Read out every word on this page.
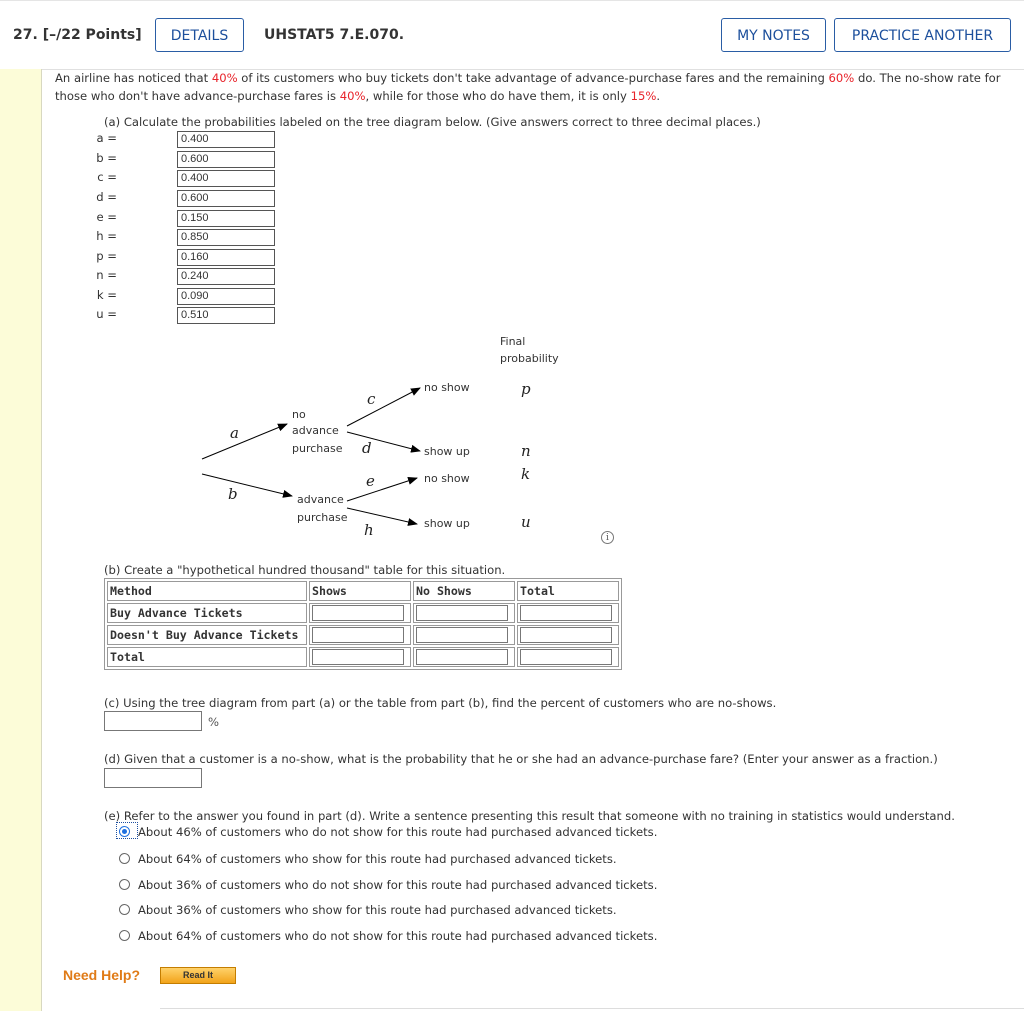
27. [–/22 Points]	DETAILS	UHSTAT5 7.E.070.	MY NOTES	PRACTICE ANOTHER
An airline has noticed that 40% of its customers who buy tickets don't take advantage of advance-purchase fares and the remaining 60% do. The no-show rate for those who don't have advance-purchase fares is 40%, while for those who do have them, it is only 15%.
(a) Calculate the probabilities labeled on the tree diagram below. (Give answers correct to three decimal places.)
a =	0.400
b =	0.600
c =	0.400
d =	0.600
e =	0.150
h =	0.850
p =	0.160
n =	0.240
k =	0.090
u =	0.510
Final
probability
no
advance
purchase
advance
purchase
no show
show up
no show
show up
a
b
c
d
e
h
p
n
k
u
i
(b) Create a "hypothetical hundred thousand" table for this situation.
Method	Shows	No Shows	Total
Buy Advance Tickets	

Doesn't Buy Advance Tickets	

Total	

(c) Using the tree diagram from part (a) or the table from part (b), find the percent of customers who are no-shows.
%
(d) Given that a customer is a no-show, what is the probability that he or she had an advance-purchase fare? (Enter your answer as a fraction.)
(e) Refer to the answer you found in part (d). Write a sentence presenting this result that someone with no training in statistics would understand.
About 46% of customers who do not show for this route had purchased advanced tickets.
About 64% of customers who show for this route had purchased advanced tickets.
About 36% of customers who do not show for this route had purchased advanced tickets.
About 36% of customers who show for this route had purchased advanced tickets.
About 64% of customers who do not show for this route had purchased advanced tickets.
Need Help?	Read It
